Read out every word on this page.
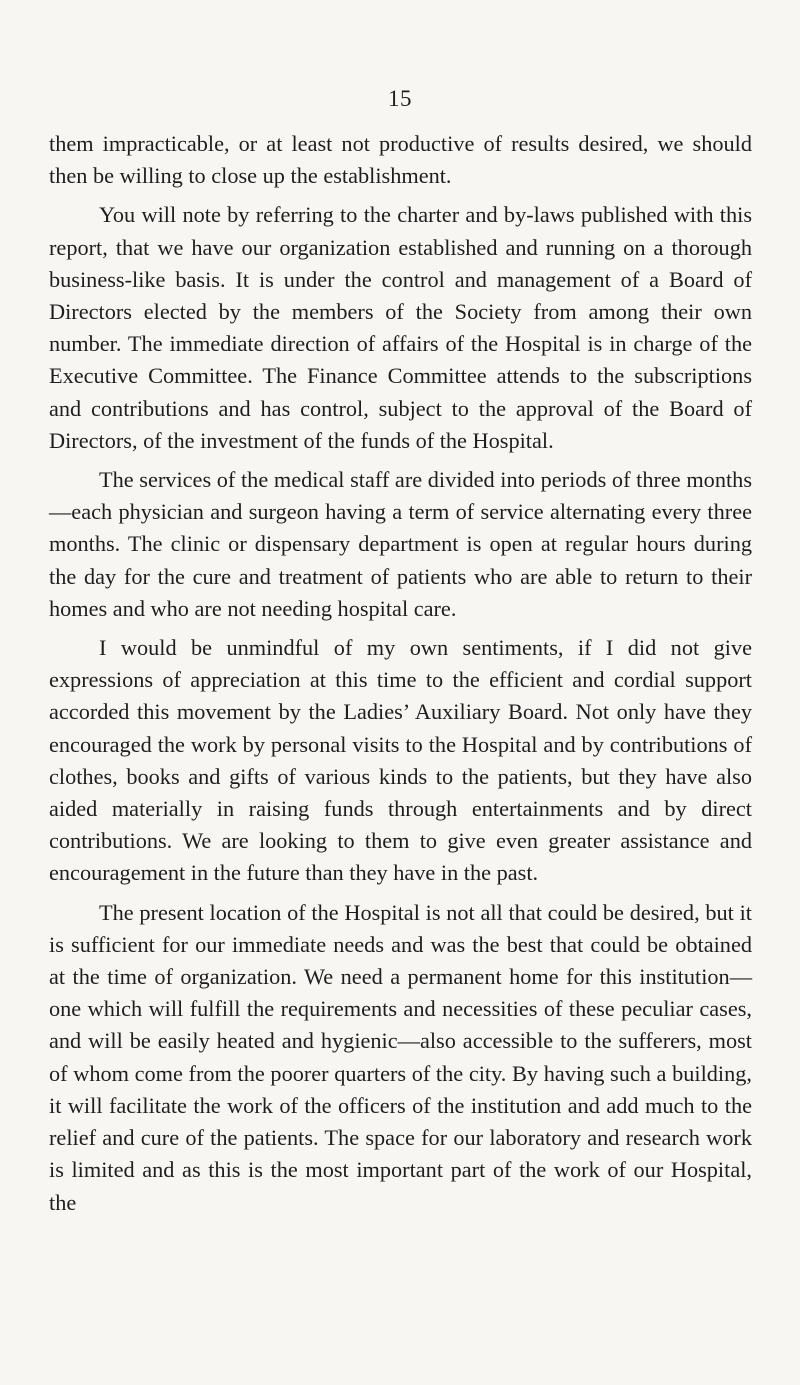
15

them impracticable, or at least not productive of results desired, we should then be willing to close up the establishment.

You will note by referring to the charter and by-laws published with this report, that we have our organization established and running on a thorough business-like basis. It is under the control and management of a Board of Directors elected by the members of the Society from among their own number. The immediate direction of affairs of the Hospital is in charge of the Executive Committee. The Finance Committee attends to the subscriptions and contributions and has control, subject to the approval of the Board of Directors, of the investment of the funds of the Hospital.

The services of the medical staff are divided into periods of three months—each physician and surgeon having a term of service alternating every three months. The clinic or dispensary department is open at regular hours during the day for the cure and treatment of patients who are able to return to their homes and who are not needing hospital care.

I would be unmindful of my own sentiments, if I did not give expressions of appreciation at this time to the efficient and cordial support accorded this movement by the Ladies’ Auxiliary Board. Not only have they encouraged the work by personal visits to the Hospital and by contributions of clothes, books and gifts of various kinds to the patients, but they have also aided materially in raising funds through entertainments and by direct contributions. We are looking to them to give even greater assistance and encouragement in the future than they have in the past.

The present location of the Hospital is not all that could be desired, but it is sufficient for our immediate needs and was the best that could be obtained at the time of organization. We need a permanent home for this institution—one which will fulfill the requirements and necessities of these peculiar cases, and will be easily heated and hygienic—also accessible to the sufferers, most of whom come from the poorer quarters of the city. By having such a building, it will facilitate the work of the officers of the institution and add much to the relief and cure of the patients. The space for our laboratory and research work is limited and as this is the most important part of the work of our Hospital, the
